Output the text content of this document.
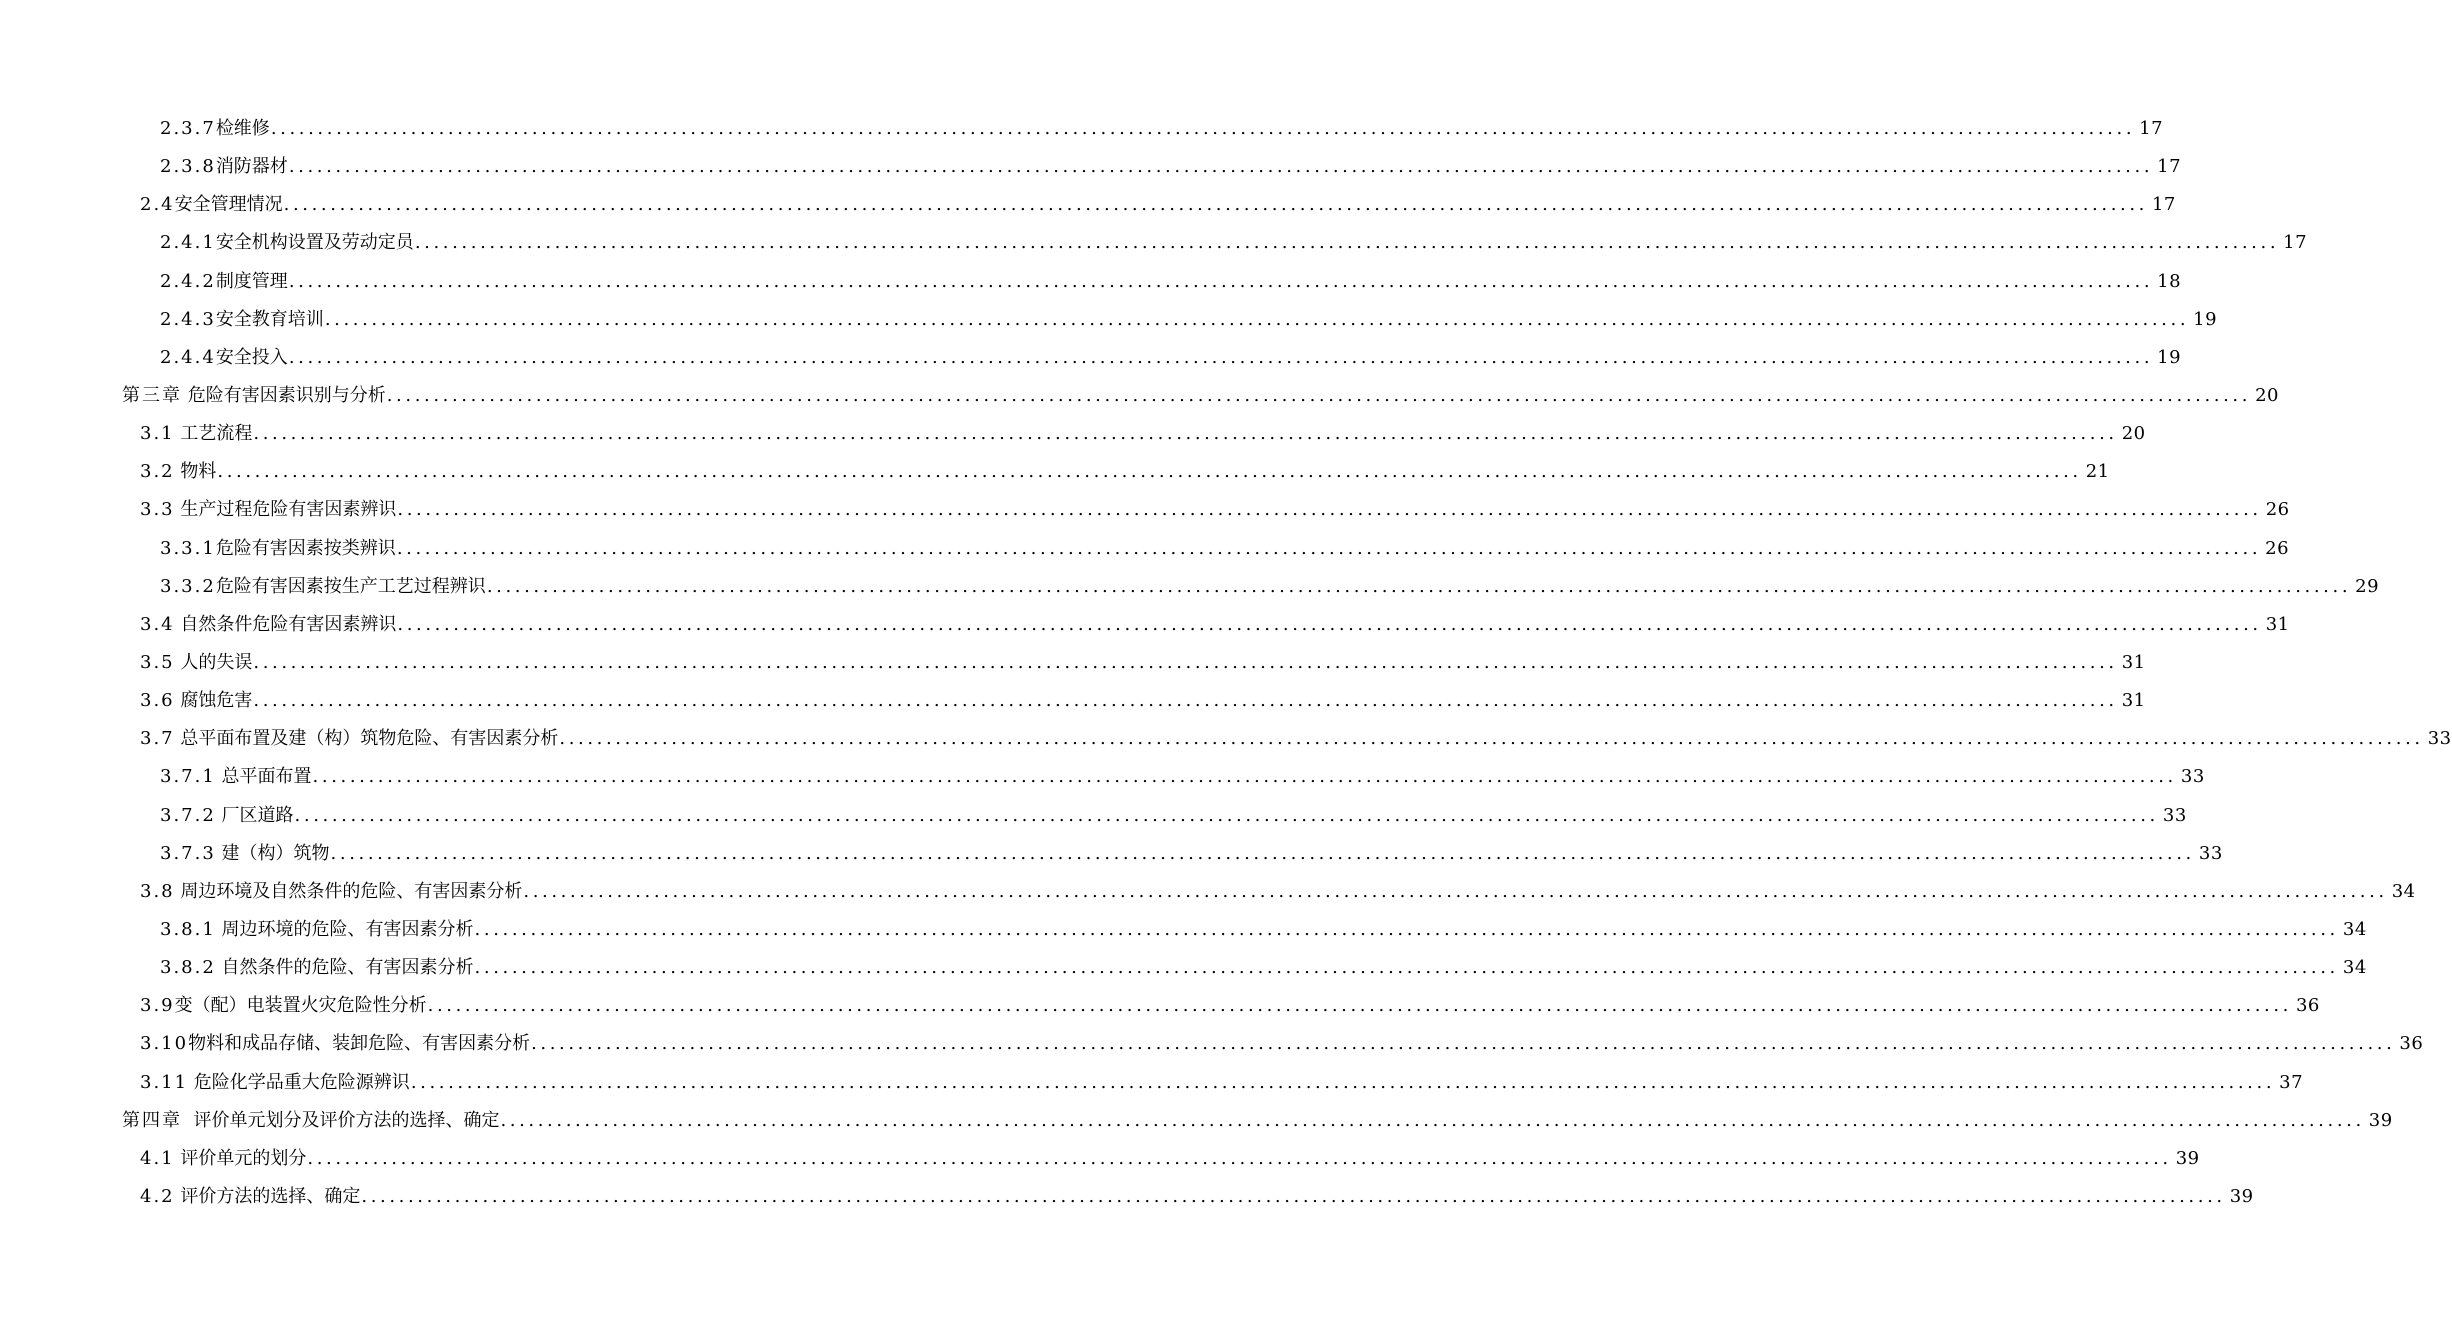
2.3.7 检维修 ........................................................................................................................................................................................................ 17
2.3.8 消防器材 ........................................................................................................................................................................................................ 17
2.4 安全管理情况 ........................................................................................................................................................................................................ 17
2.4.1 安全机构设置及劳动定员 ........................................................................................................................................................................................................ 17
2.4.2 制度管理 ........................................................................................................................................................................................................ 18
2.4.3 安全教育培训 ........................................................................................................................................................................................................ 19
2.4.4 安全投入 ........................................................................................................................................................................................................ 19
第三章 危险有害因素识别与分析 ........................................................................................................................................................................................................ 20
3.1 工艺流程 ........................................................................................................................................................................................................ 20
3.2 物料 ........................................................................................................................................................................................................ 21
3.3 生产过程危险有害因素辨识 ........................................................................................................................................................................................................ 26
3.3.1 危险有害因素按类辨识 ........................................................................................................................................................................................................ 26
3.3.2 危险有害因素按生产工艺过程辨识 ........................................................................................................................................................................................................ 29
3.4 自然条件危险有害因素辨识 ........................................................................................................................................................................................................ 31
3.5 人的失误 ........................................................................................................................................................................................................ 31
3.6 腐蚀危害 ........................................................................................................................................................................................................ 31
3.7 总平面布置及建（构）筑物危险、有害因素分析 ........................................................................................................................................................................................................ 33
3.7.1 总平面布置 ........................................................................................................................................................................................................ 33
3.7.2 厂区道路 ........................................................................................................................................................................................................ 33
3.7.3 建（构）筑物 ........................................................................................................................................................................................................ 33
3.8 周边环境及自然条件的危险、有害因素分析 ........................................................................................................................................................................................................ 34
3.8.1 周边环境的危险、有害因素分析 ........................................................................................................................................................................................................ 34
3.8.2 自然条件的危险、有害因素分析 ........................................................................................................................................................................................................ 34
3.9 变（配）电装置火灾危险性分析 ........................................................................................................................................................................................................ 36
3.10 物料和成品存储、装卸危险、有害因素分析 ........................................................................................................................................................................................................ 36
3.11 危险化学品重大危险源辨识 ........................................................................................................................................................................................................ 37
第四章 评价单元划分及评价方法的选择、确定 ........................................................................................................................................................................................................ 39
4.1 评价单元的划分 ........................................................................................................................................................................................................ 39
4.2 评价方法的选择、确定 ........................................................................................................................................................................................................ 39
